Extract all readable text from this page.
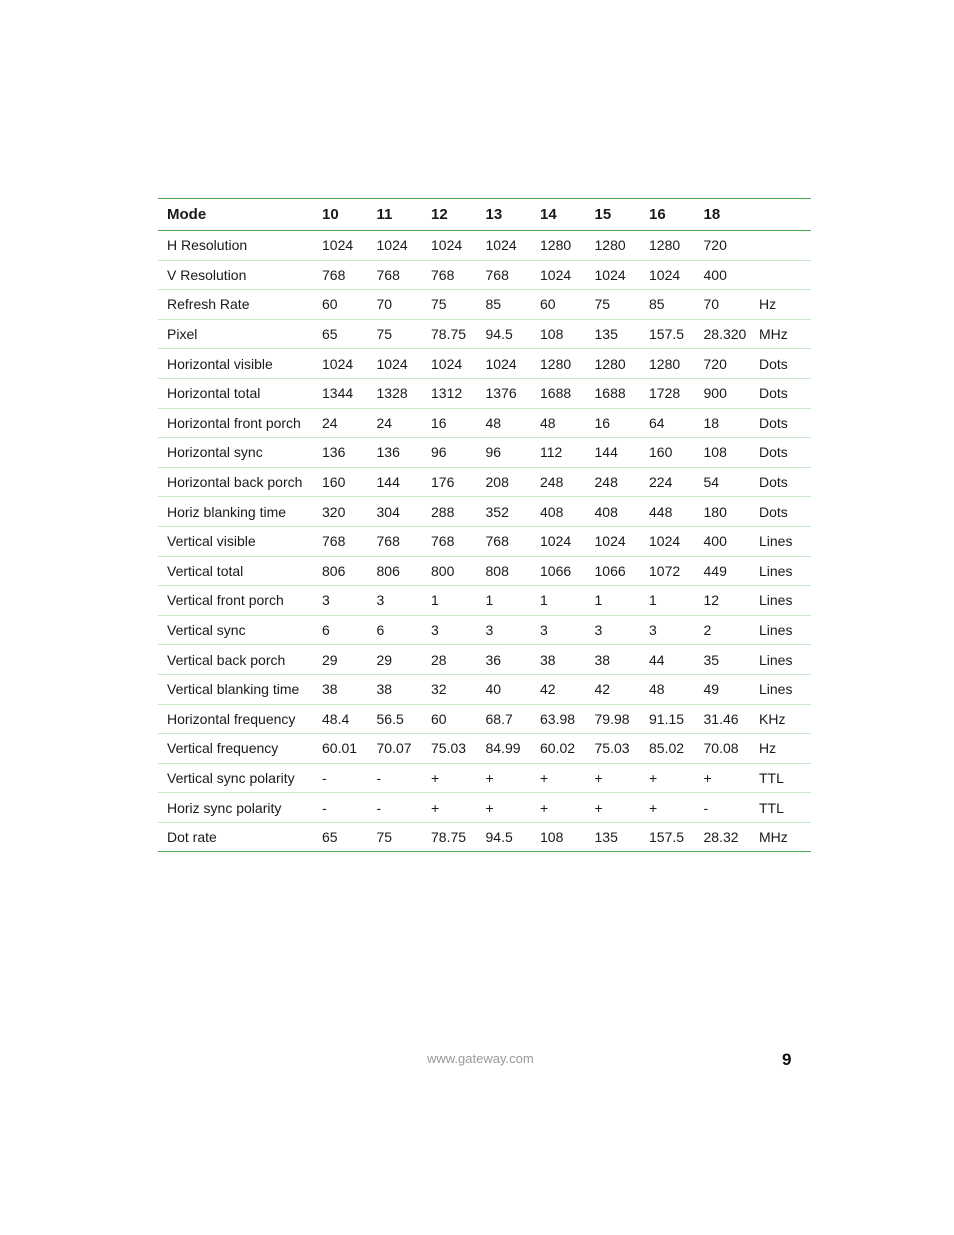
Mode	10	11	12	13	14	15	16	18	
H Resolution	1024	1024	1024	1024	1280	1280	1280	720	
V Resolution	768	768	768	768	1024	1024	1024	400	
Refresh Rate	60	70	75	85	60	75	85	70	Hz
Pixel	65	75	78.75	94.5	108	135	157.5	28.320	MHz
Horizontal visible	1024	1024	1024	1024	1280	1280	1280	720	Dots
Horizontal total	1344	1328	1312	1376	1688	1688	1728	900	Dots
Horizontal front porch	24	24	16	48	48	16	64	18	Dots
Horizontal sync	136	136	96	96	112	144	160	108	Dots
Horizontal back porch	160	144	176	208	248	248	224	54	Dots
Horiz blanking time	320	304	288	352	408	408	448	180	Dots
Vertical visible	768	768	768	768	1024	1024	1024	400	Lines
Vertical total	806	806	800	808	1066	1066	1072	449	Lines
Vertical front porch	3	3	1	1	1	1	1	12	Lines
Vertical sync	6	6	3	3	3	3	3	2	Lines
Vertical back porch	29	29	28	36	38	38	44	35	Lines
Vertical blanking time	38	38	32	40	42	42	48	49	Lines
Horizontal frequency	48.4	56.5	60	68.7	63.98	79.98	91.15	31.46	KHz
Vertical frequency	60.01	70.07	75.03	84.99	60.02	75.03	85.02	70.08	Hz
Vertical sync polarity	-	-	+	+	+	+	+	+	TTL
Horiz sync polarity	-	-	+	+	+	+	+	-	TTL
Dot rate	65	75	78.75	94.5	108	135	157.5	28.32	MHz
www.gateway.com	9
